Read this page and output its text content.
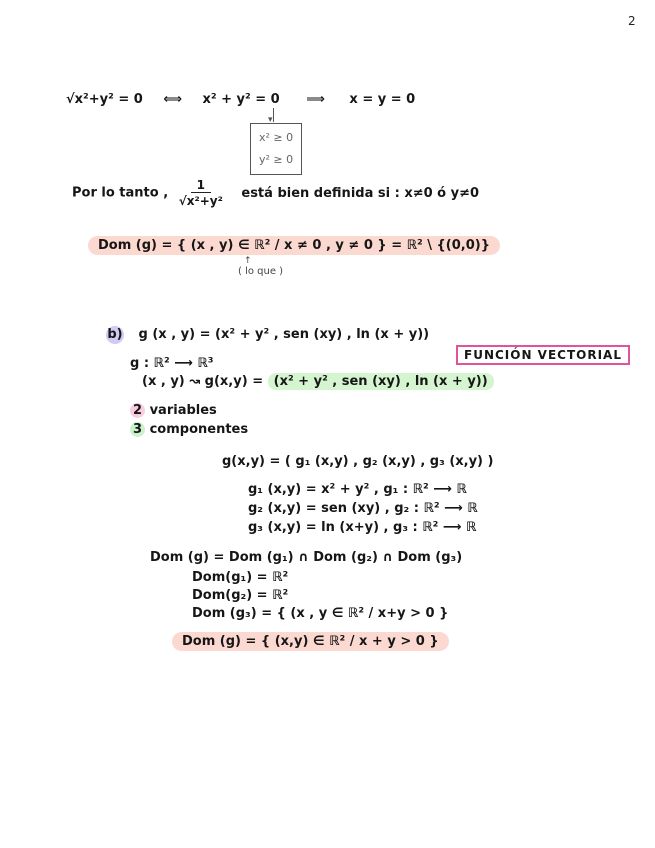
2
√x²+y² = 0 ⟺ x² + y² = 0 ⟹ x = y = 0
▾
x² ≥ 0
y² ≥ 0
Por lo tanto , $\frac{1}{\text{√x²+y²}}$ está bien definida si : x≠0 ó y≠0
Dom (g) = { (x , y) ∈ ℝ² / x ≠ 0 , y ≠ 0 } = ℝ² \ {(0,0)}
↑
( lo que )
b) g (x , y) = (x² + y² , sen (xy) , ln (x + y))
FUNCIÓN VECTORIAL
g : ℝ² ⟶ ℝ³
(x , y) ↝ g(x,y) = (x² + y² , sen (xy) , ln (x + y))
2 variables
3 componentes
g(x,y) = ( g₁ (x,y) , g₂ (x,y) , g₃ (x,y) )
g₁ (x,y) = x² + y² , g₁ : ℝ² ⟶ ℝ
g₂ (x,y) = sen (xy) , g₂ : ℝ² ⟶ ℝ
g₃ (x,y) = ln (x+y) , g₃ : ℝ² ⟶ ℝ
Dom (g) = Dom (g₁) ∩ Dom (g₂) ∩ Dom (g₃)
Dom(g₁) = ℝ²
Dom(g₂) = ℝ²
Dom (g₃) = { (x , y ∈ ℝ² / x+y > 0 }
Dom (g) = { (x,y) ∈ ℝ² / x + y > 0 }
